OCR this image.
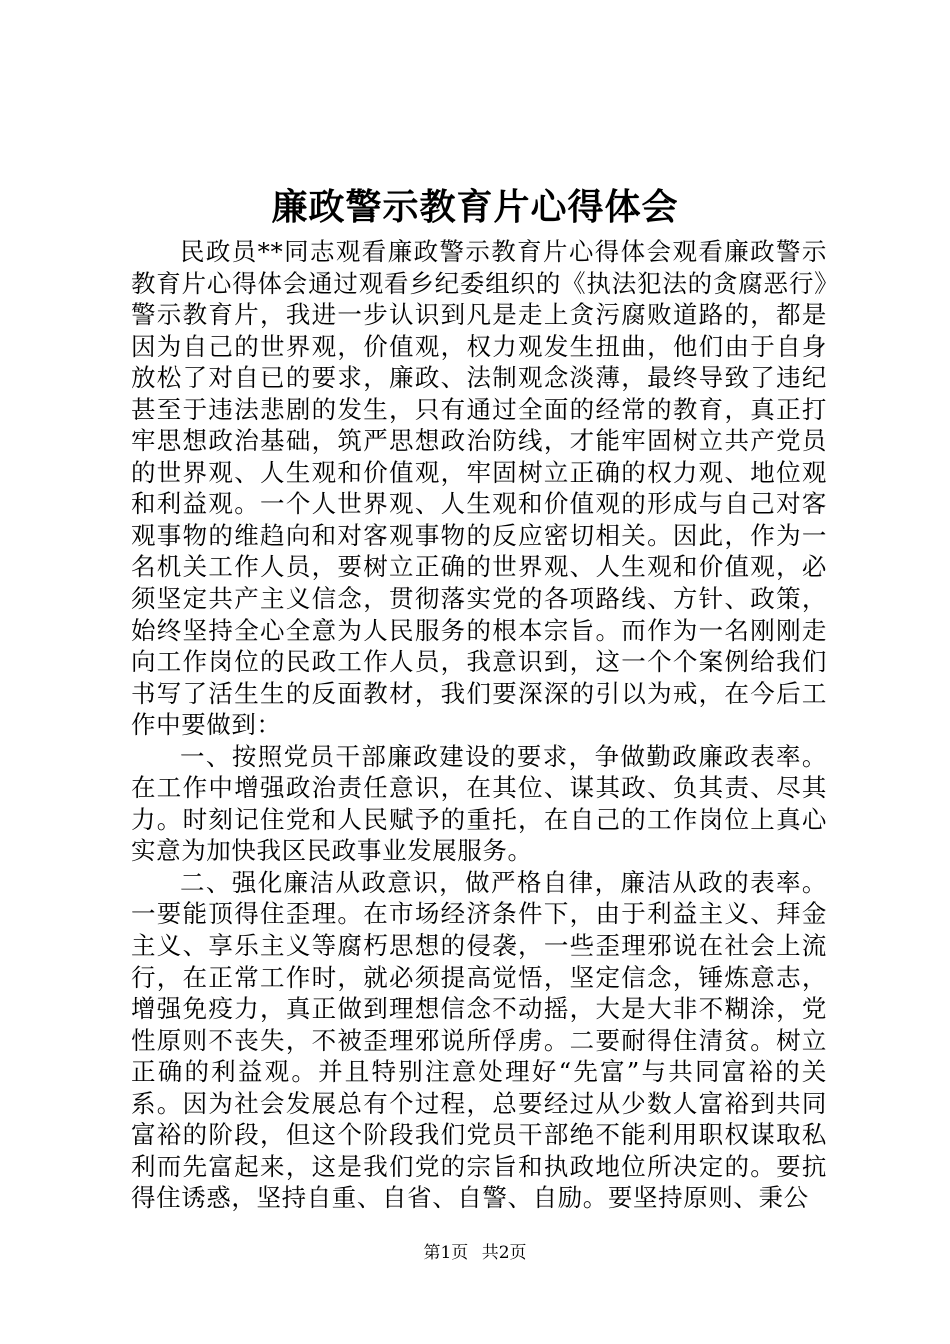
廉政警示教育片心得体会

民政员**同志观看廉政警示教育片心得体会观看廉政警示教育片心得体会通过观看乡纪委组织的《执法犯法的贪腐恶行》警示教育片，我进一步认识到凡是走上贪污腐败道路的，都是因为自己的世界观，价值观，权力观发生扭曲，他们由于自身放松了对自已的要求，廉政、法制观念淡薄，最终导致了违纪甚至于违法悲剧的发生，只有通过全面的经常的教育，真正打牢思想政治基础，筑严思想政治防线，才能牢固树立共产党员的世界观、人生观和价值观，牢固树立正确的权力观、地位观和利益观。一个人世界观、人生观和价值观的形成与自己对客观事物的维趋向和对客观事物的反应密切相关。因此，作为一名机关工作人员，要树立正确的世界观、人生观和价值观，必须坚定共产主义信念，贯彻落实党的各项路线、方针、政策，始终坚持全心全意为人民服务的根本宗旨。而作为一名刚刚走向工作岗位的民政工作人员，我意识到，这一个个案例给我们书写了活生生的反面教材，我们要深深的引以为戒，在今后工作中要做到：

一、按照党员干部廉政建设的要求，争做勤政廉政表率。在工作中增强政治责任意识，在其位、谋其政、负其责、尽其力。时刻记住党和人民赋予的重托，在自己的工作岗位上真心实意为加快我区民政事业发展服务。

二、强化廉洁从政意识，做严格自律，廉洁从政的表率。一要能顶得住歪理。在市场经济条件下，由于利益主义、拜金主义、享乐主义等腐朽思想的侵袭，一些歪理邪说在社会上流行，在正常工作时，就必须提高觉悟，坚定信念，锤炼意志，增强免疫力，真正做到理想信念不动摇，大是大非不糊涂，党性原则不丧失，不被歪理邪说所俘虏。二要耐得住清贫。树立正确的利益观。并且特别注意处理好“先富”与共同富裕的关系。因为社会发展总有个过程，总要经过从少数人富裕到共同富裕的阶段，但这个阶段我们党员干部绝不能利用职权谋取私利而先富起来，这是我们党的宗旨和执政地位所决定的。要抗得住诱惑，坚持自重、自省、自警、自励。要坚持原则、秉公

第1页 共2页
